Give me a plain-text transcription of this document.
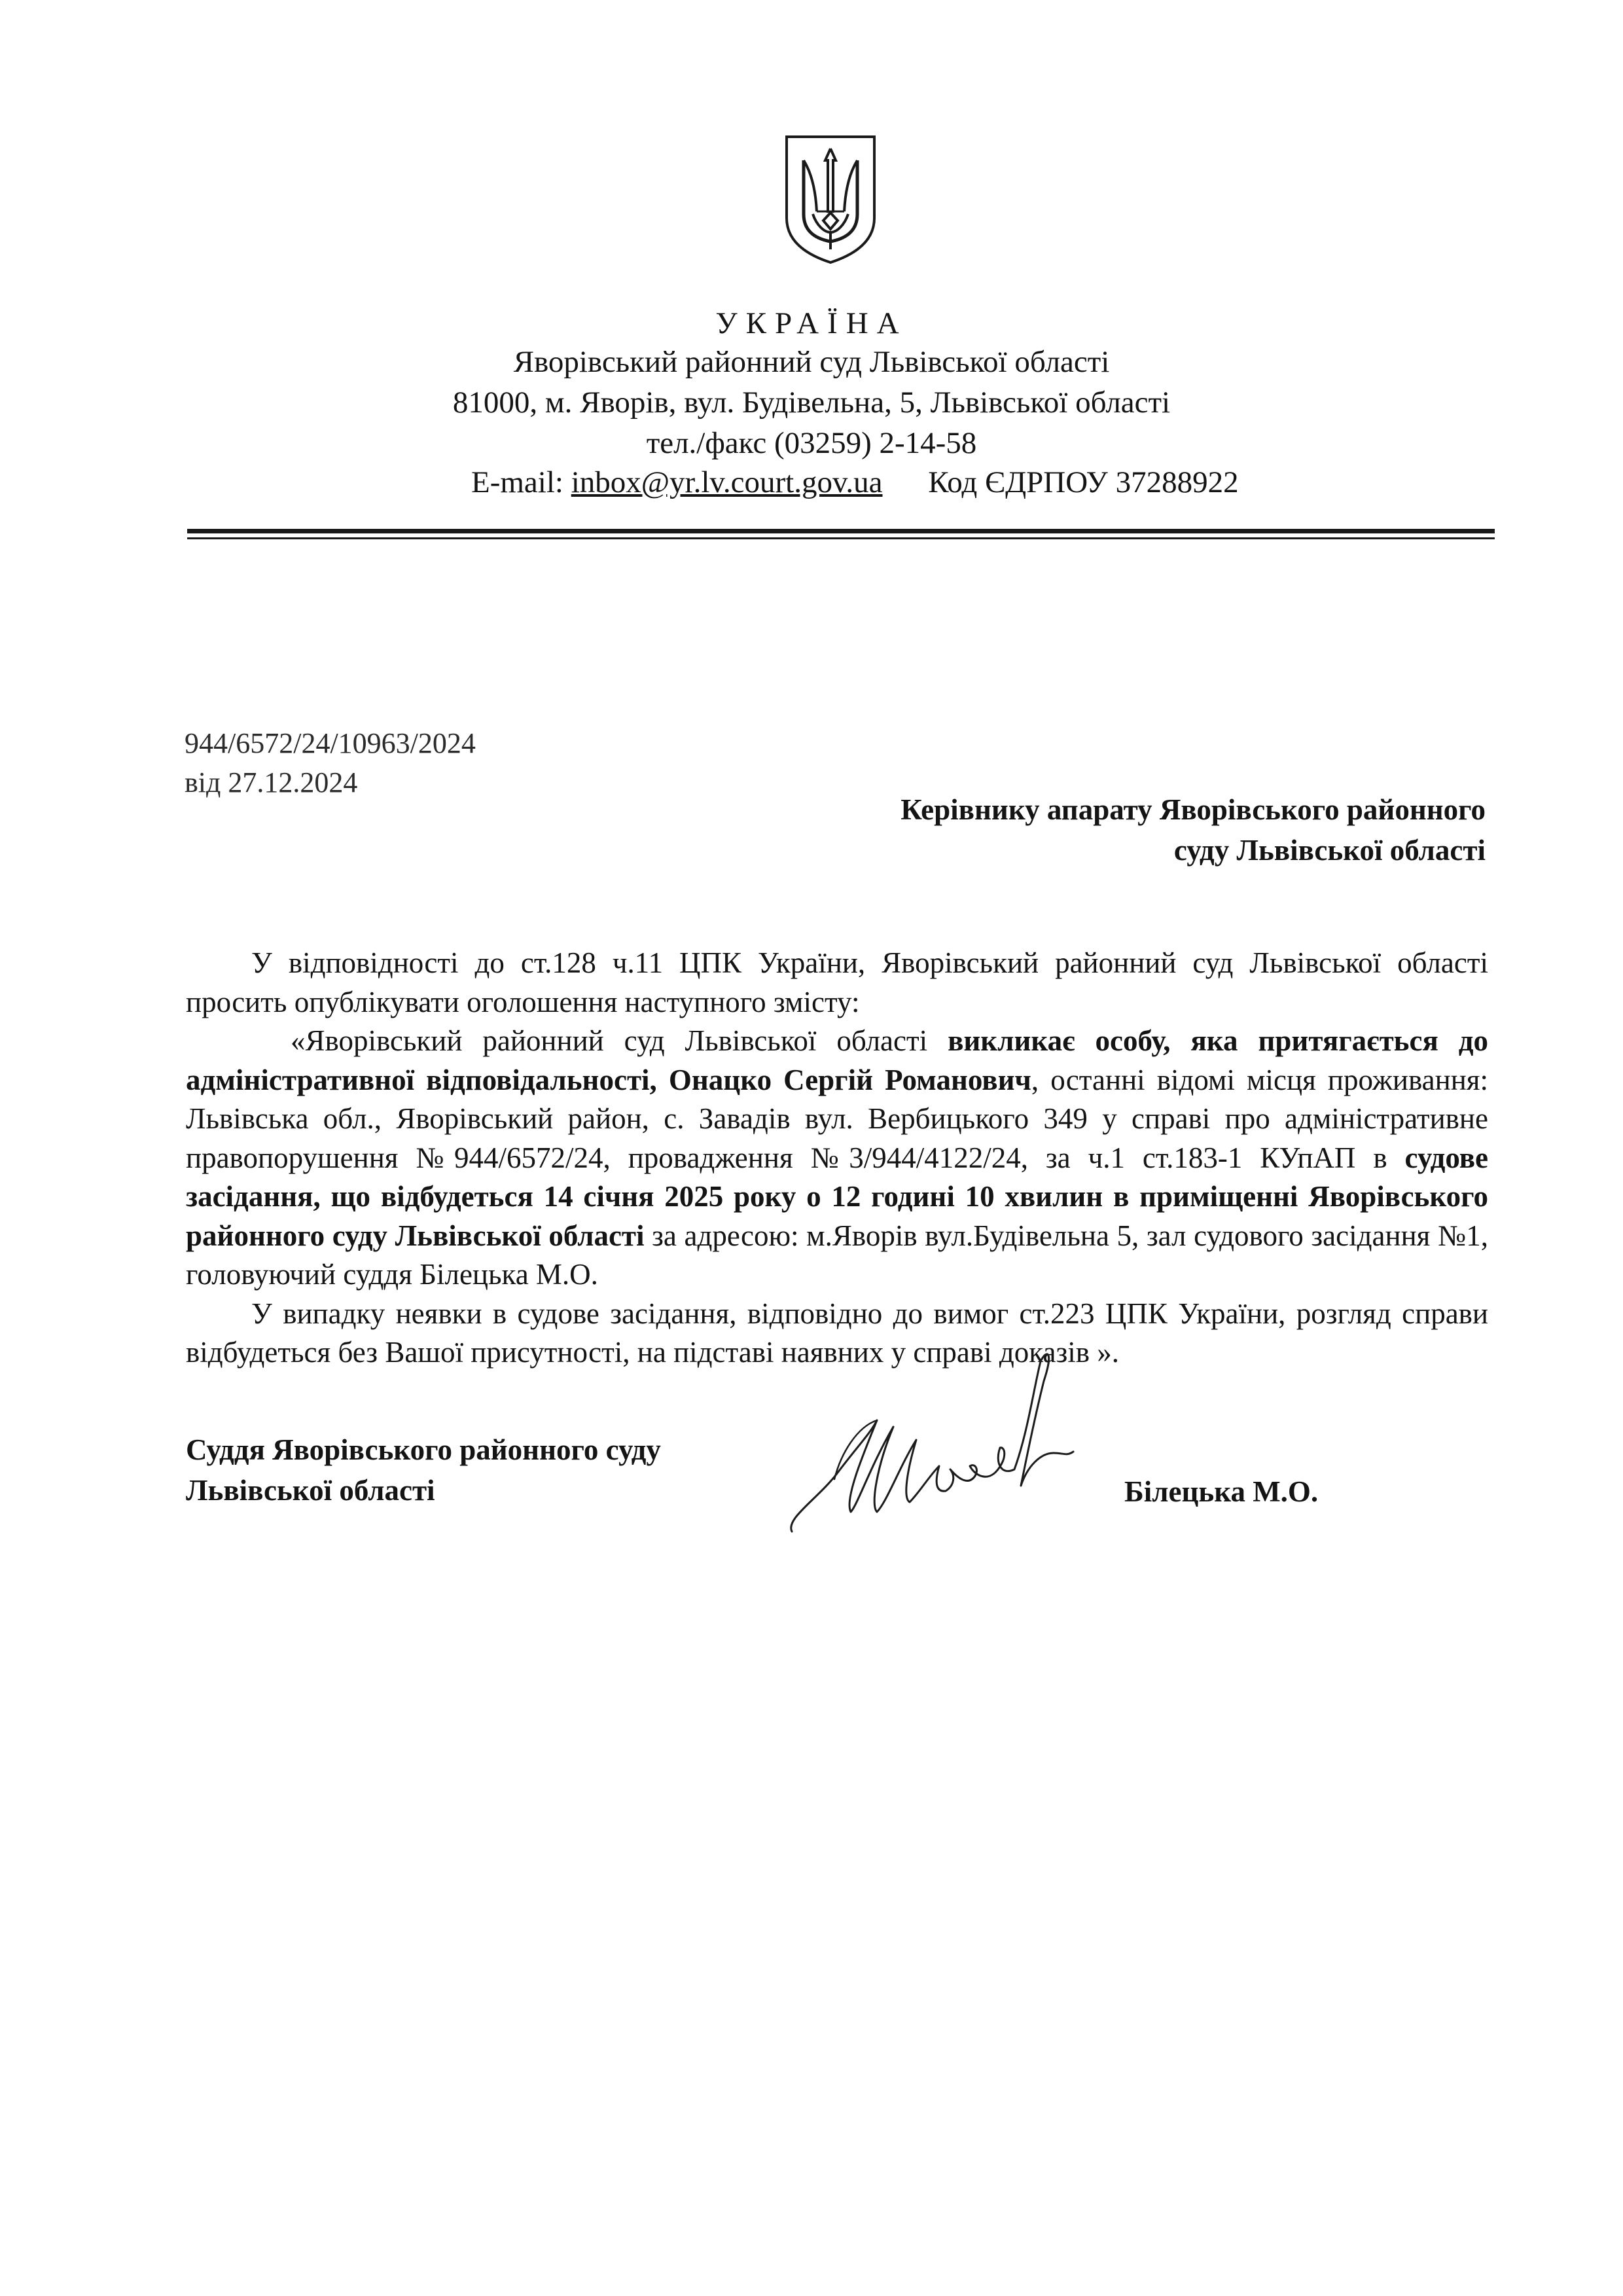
УКРАЇНА
Яворівський районний суд Львівської області
81000, м. Яворів, вул. Будівельна, 5, Львівської області
тел./факс (03259) 2-14-58
E-mail: inbox@yr.lv.court.gov.ua Код ЄДРПОУ 37288922
944/6572/24/10963/2024
від 27.12.2024
Керівнику апарату Яворівського районного
суду Львівської області

У відповідності до ст.128 ч.11 ЦПК України, Яворівський районний суд Львівської області просить опублікувати оголошення наступного змісту:

«Яворівський районний суд Львівської області викликає особу, яка притягається до адміністративної відповідальності, Онацко Сергій Романович, останні відомі місця проживання: Львівська обл., Яворівський район, с. Завадів вул. Вербицького 349 у справі про адміністративне правопорушення №944/6572/24, провадження №3/944/4122/24, за ч.1 ст.183-1 КУпАП в судове засідання, що відбудеться 14 січня 2025 року о 12 годині 10 хвилин в приміщенні Яворівського районного суду Львівської області за адресою: м.Яворів вул.Будівельна 5, зал судового засідання №1, головуючий суддя Білецька М.О.

У випадку неявки в судове засідання, відповідно до вимог ст.223 ЦПК України, розгляд справи відбудеться без Вашої присутності, на підставі наявних у справі доказів ».

Суддя Яворівського районного суду
Львівської області	Білецька М.О.
